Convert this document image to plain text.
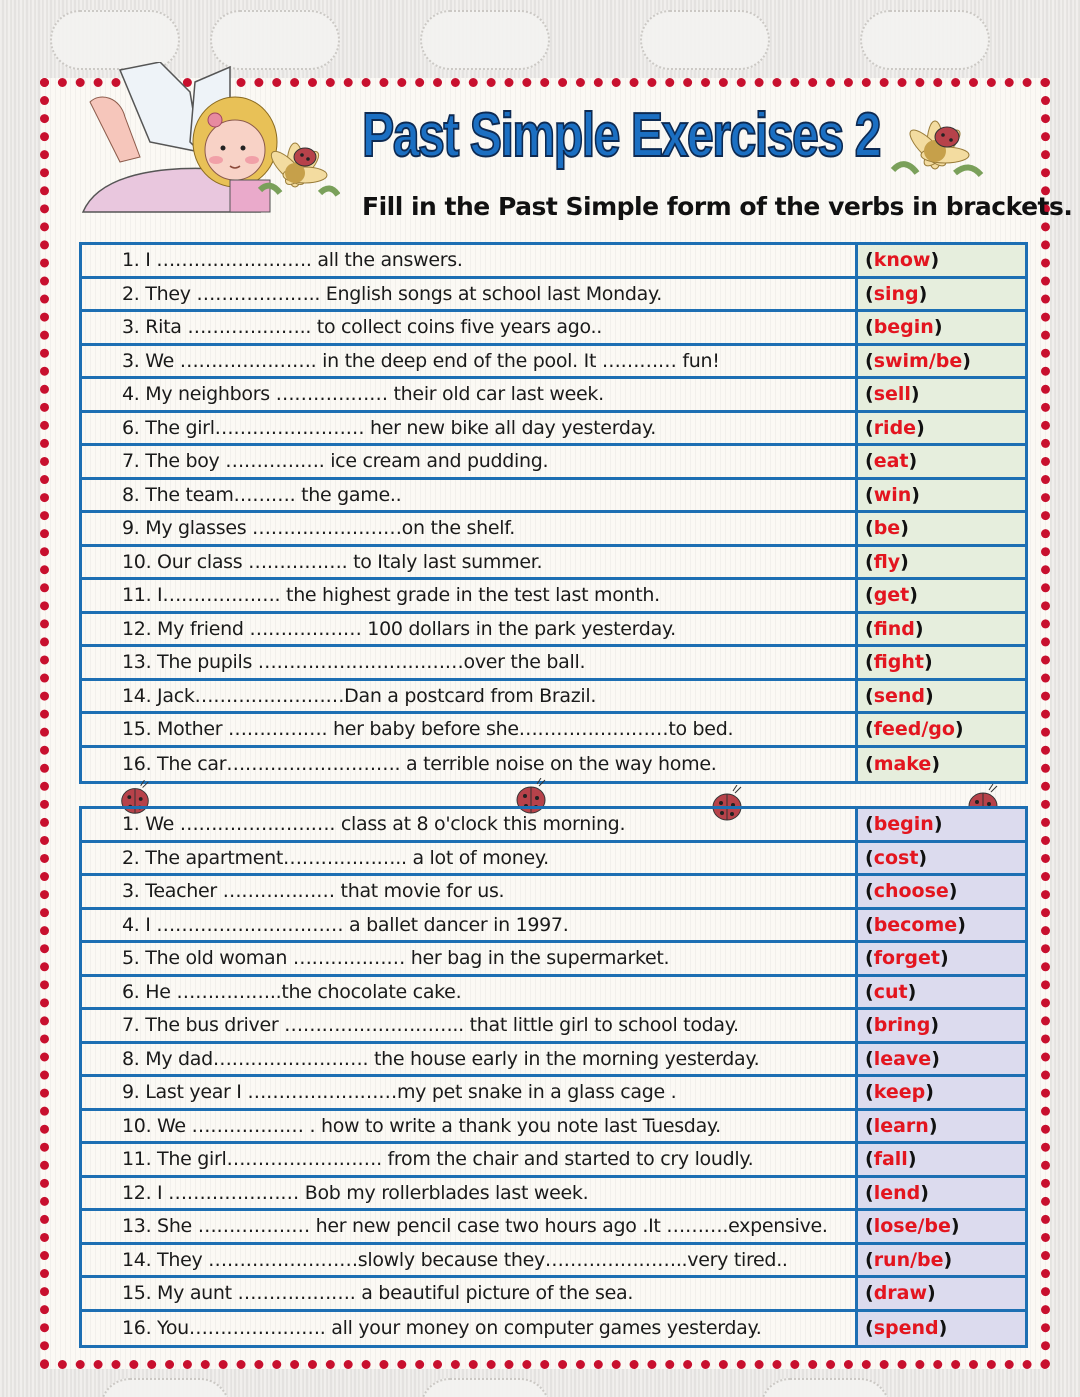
Past Simple Exercises 2
Fill in the Past Simple form of the verbs in brackets.
1. I ……………………. all the answers.	( know )
2. They ……………….. English songs at school last Monday.	( sing )
3. Rita ……………….. to collect coins five years ago..	( begin )
3. We …………………. in the deep end of the pool. It ………… fun!	( swim/be )
4. My neighbors ……………… their old car last week.	( sell )
6. The girl…………………… her new bike all day yesterday.	( ride )
7. The boy ……………. ice cream and pudding.	( eat )
8. The team………. the game..	( win )
9. My glasses ……………………on the shelf.	( be )
10. Our class ……………. to Italy last summer.	( fly )
11. I………………. the highest grade in the test last month.	( get )
12. My friend ……………… 100 dollars in the park yesterday.	( find )
13. The pupils ……………………………over the ball.	( fight )
14. Jack……………………Dan a postcard from Brazil.	( send )
15. Mother ……………. her baby before she……………………to bed.	( feed/go )
16. The car………………………. a terrible noise on the way home.	( make )
1. We ……………………. class at 8 o'clock this morning.	( begin )
2. The apartment……………….. a lot of money.	( cost )
3. Teacher ……………… that movie for us.	( choose )
4. I ………………………… a ballet dancer in 1997.	( become )
5. The old woman ……………… her bag in the supermarket.	( forget )
6. He ……………..the chocolate cake.	( cut )
7. The bus driver ……………………….. that little girl to school today.	( bring )
8. My dad……………………. the house early in the morning yesterday.	( leave )
9. Last year I ……………………my pet snake in a glass cage .	( keep )
10. We ……………… . how to write a thank you note last Tuesday.	( learn )
11. The girl……………………. from the chair and started to cry loudly.	( fall )
12. I ………………… Bob my rollerblades last week.	( lend )
13. She ……………… her new pencil case two hours ago .It ……….expensive.	( lose/be )
14. They ……………………slowly because they…………………..very tired..	( run/be )
15. My aunt ………………. a beautiful picture of the sea.	( draw )
16. You…………………. all your money on computer games yesterday.	( spend )
